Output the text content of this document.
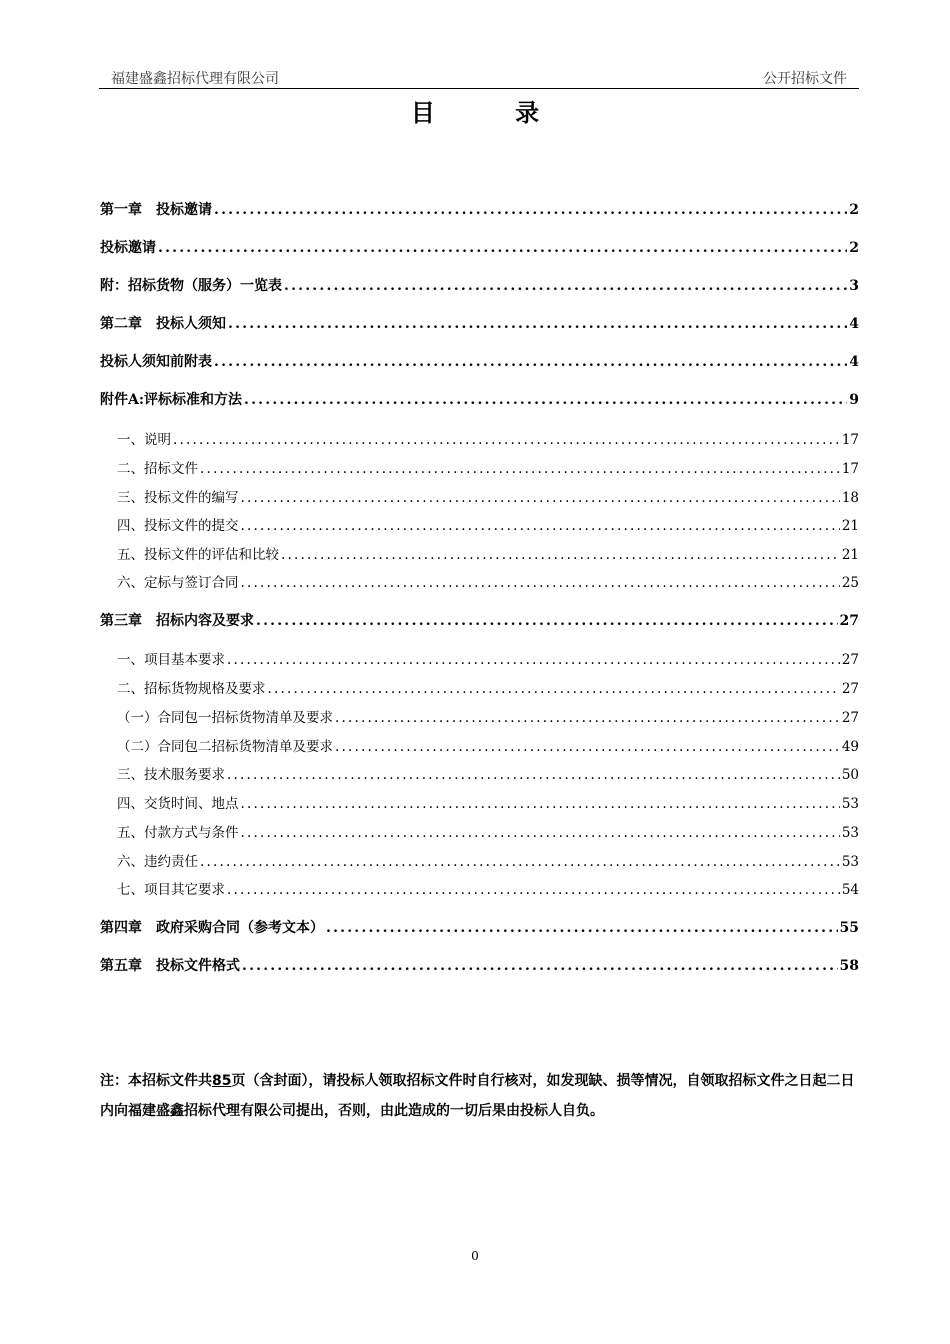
福建盛鑫招标代理有限公司	公开招标文件
目 录
第一章　投标邀请 .....	2
投标邀请 .....	2
附：招标货物（服务）一览表 .....	3
第二章　投标人须知 .....	4
投标人须知前附表 .....	4
附件A:评标标准和方法 .....	9
一、说明 .....	17
二、招标文件 .....	17
三、投标文件的编写 .....	18
四、投标文件的提交 .....	21
五、投标文件的评估和比较 .....	21
六、定标与签订合同 .....	25
第三章　招标内容及要求 .....	27
一、项目基本要求 .....	27
二、招标货物规格及要求 .....	27
（一）合同包一招标货物清单及要求 .....	27
（二）合同包二招标货物清单及要求 .....	49
三、技术服务要求 .....	50
四、交货时间、地点 .....	53
五、付款方式与条件 .....	53
六、违约责任 .....	53
七、项目其它要求 .....	54
第四章　政府采购合同（参考文本） .....	55
第五章　投标文件格式 .....	58
注：本招标文件共85页（含封面），请投标人领取招标文件时自行核对，如发现缺、损等情况，自领取招标文件之日起二日内向福建盛鑫招标代理有限公司提出，否则，由此造成的一切后果由投标人自负。
0
